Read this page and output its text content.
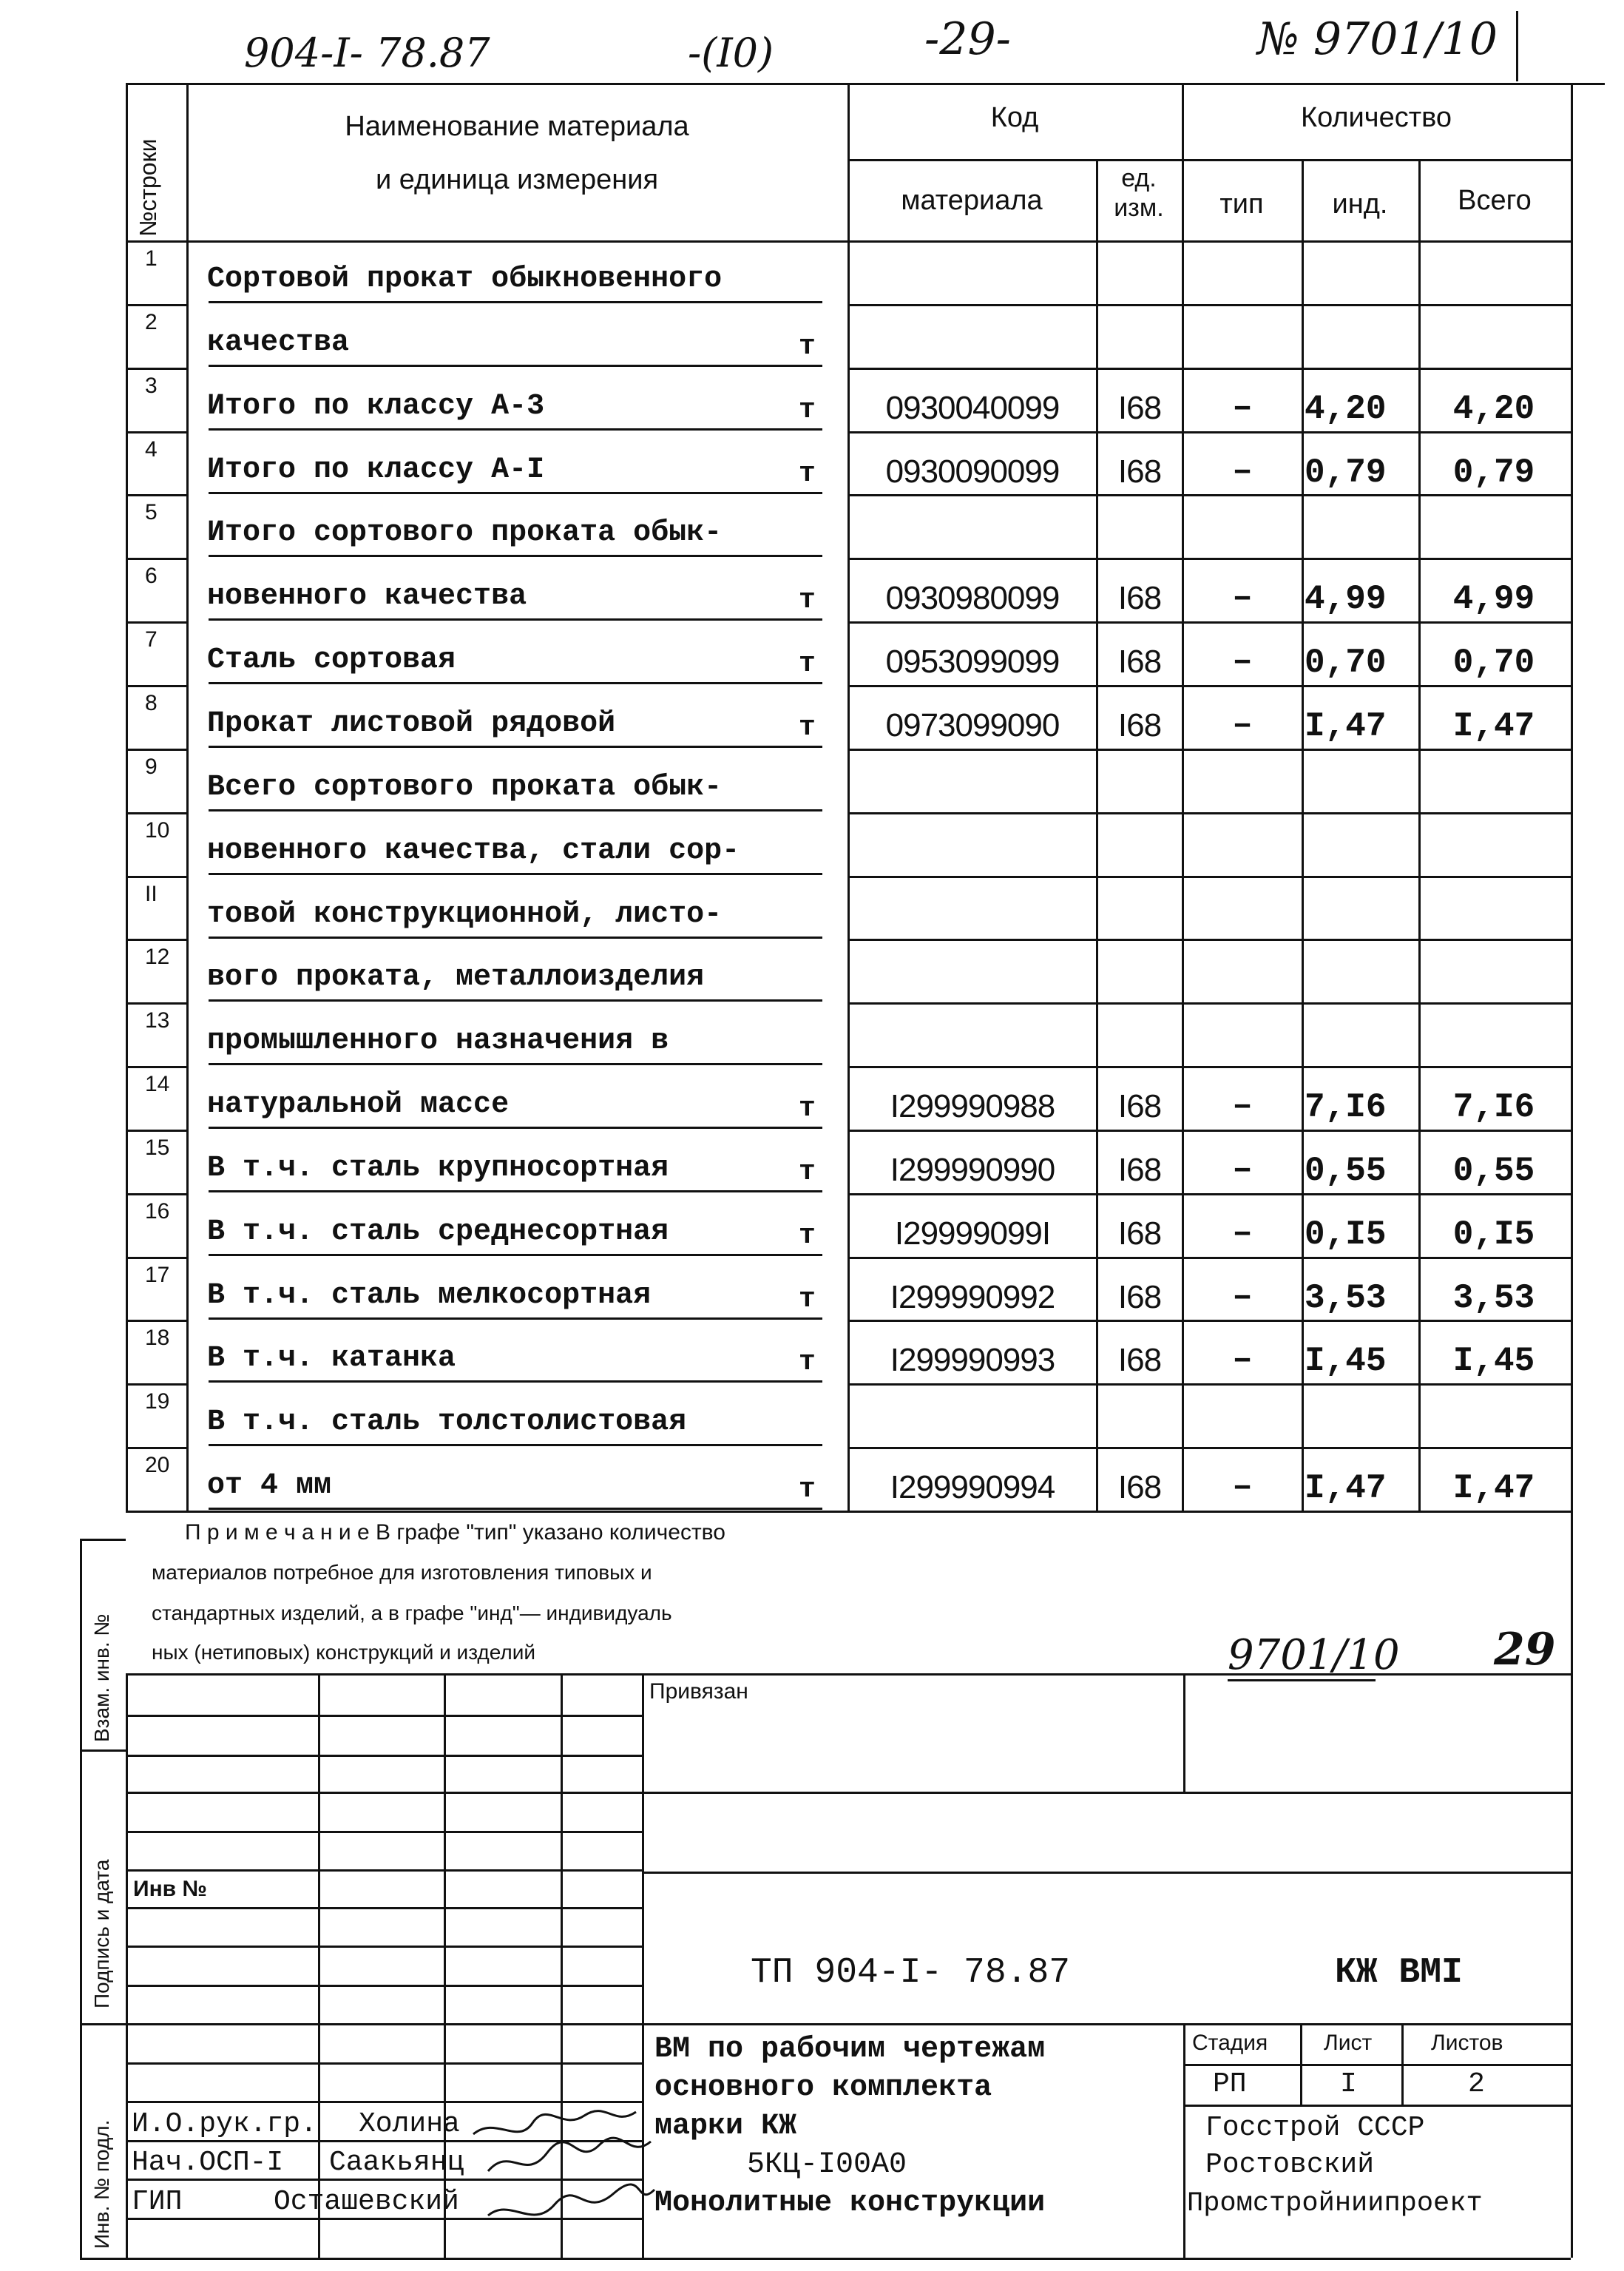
904-I- 78.87	-(I0)	-29-	№ 9701/10
№строки
Наименование материала
и единица измерения
Код	Количество
материала
ед.
изм.	тип	инд.	Всего
1
Сортовой прокат обыкновенного
2
качества	т
3
Итого по классу А-3	т	0930040099	I68	–	4,20	4,20
4
Итого по классу А-I	т	0930090099	I68	–	0,79	0,79
5
Итого сортового проката обык-
6
новенного качества	т	0930980099	I68	–	4,99	4,99
7
Сталь сортовая	т	0953099099	I68	–	0,70	0,70
8
Прокат листовой рядовой	т	0973099090	I68	–	I,47	I,47
9
Всего сортового проката обык-
10
новенного качества, стали сор-
II
товой конструкционной, листо-
12
вого проката, металлоизделия
13
промышленного назначения в
14
натуральной массе	т	I299990988	I68	–	7,I6	7,I6
15
В т.ч. сталь крупносортная	т	I299990990	I68	–	0,55	0,55
16
В т.ч. сталь среднесортная	т	I29999099I	I68	–	0,I5	0,I5
17
В т.ч. сталь мелкосортная	т	I299990992	I68	–	3,53	3,53
18
В т.ч. катанка	т	I299990993	I68	–	I,45	I,45
19
В т.ч. сталь толстолистовая
20
от 4 мм	т	I299990994	I68	–	I,47	I,47
П р и м е ч а н и е В графе "тип" указано количество
материалов потребное для изготовления типовых и
стандартных изделий, а в графе "инд"— индивидуаль
ных (нетиповых) конструкций и изделий	9701/10 29
Привязан
Инв №
ТП 904-I- 78.87	КЖ ВМI
ВМ по рабочим чертежам
основного комплекта
марки КЖ
5КЦ-I00А0
Монолитные конструкции
Стадия	Лист	Листов
РП	I	2
Госстрой СССР
Ростовский
Промстройниипроект
И.О.рук.гр. Холина
Нач.ОСП-I Саакьянц
ГИП	Осташевский
Взам. инв. №
Подпись и дата
Инв. № подл.
